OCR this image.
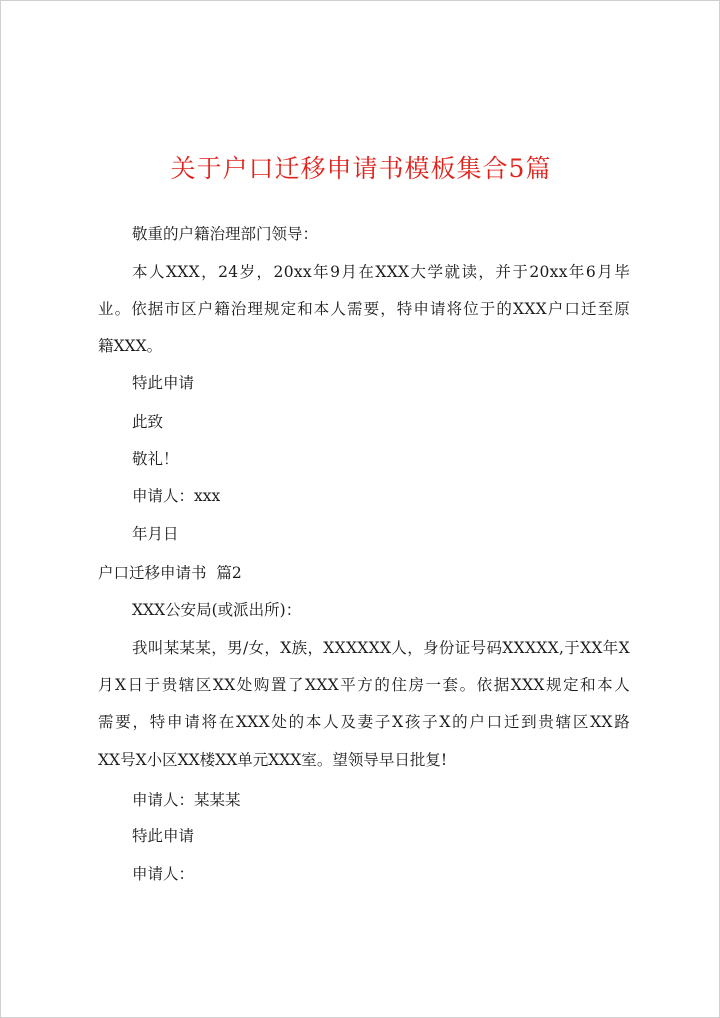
关于户口迁移申请书模板集合5篇
敬重的户籍治理部门领导：
本人XXX，24岁，20xx年9月在XXX大学就读，并于20xx年6月毕
业。依据市区户籍治理规定和本人需要，特申请将位于的XXX户口迁至原
籍XXX。
特此申请
此致
敬礼！
申请人：xxx
年月日
户口迁移申请书  篇2
XXX公安局(或派出所)：
我叫某某某，男/女，X族，XXXXXX人，身份证号码XXXXX,于XX年X
月X日于贵辖区XX处购置了XXX平方的住房一套。依据XXX规定和本人
需要，特申请将在XXX处的本人及妻子X孩子X的户口迁到贵辖区XX路
XX号X小区XX楼XX单元XXX室。望领导早日批复!
申请人：某某某
特此申请
申请人：
